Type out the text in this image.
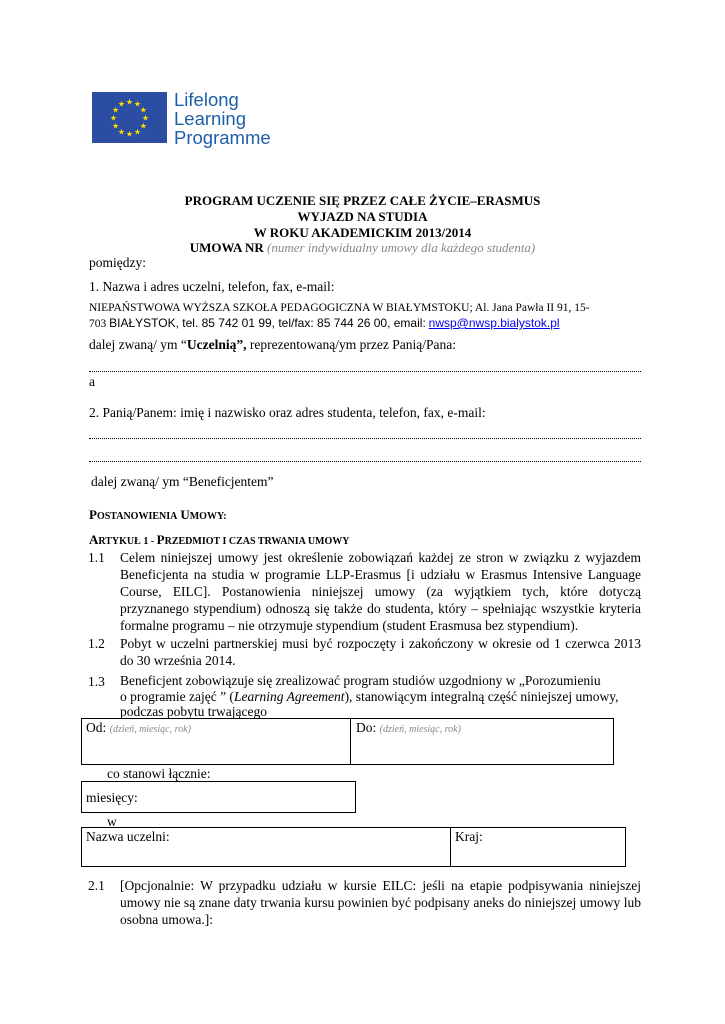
★ ★
★
★
★
★
★
★
★
★
★
★	Lifelong
Learning
Programme
PROGRAM UCZENIE SIĘ PRZEZ CAŁE ŻYCIE–ERASMUS
WYJAZD NA STUDIA
W ROKU AKADEMICKIM 2013/2014
UMOWA NR (numer indywidualny umowy dla każdego studenta)
pomiędzy:
1. Nazwa i adres uczelni, telefon, fax, e-mail:
NIEPAŃSTWOWA WYŻSZA SZKOŁA PEDAGOGICZNA W BIAŁYMSTOKU; Al. Jana Pawła II 91, 15-
703 BIAŁYSTOK, tel. 85 742 01 99, tel/fax: 85 744 26 00, email: nwsp@nwsp.bialystok.pl
dalej zwaną/ ym “Uczelnią”, reprezentowaną/ym przez Panią/Pana:
a
2. Panią/Panem: imię i nazwisko oraz adres studenta, telefon, fax, e-mail:
dalej zwaną/ ym “Beneficjentem”
POSTANOWIENIA UMOWY:
ARTYKUŁ 1 - PRZEDMIOT I CZAS TRWANIA UMOWY
1.1 Celem niniejszej umowy jest określenie zobowiązań każdej ze stron w związku z wyjazdem Beneficjenta na studia w programie LLP-Erasmus [i udziału w Erasmus Intensive Language Course, EILC]. Postanowienia niniejszej umowy (za wyjątkiem tych, które dotyczą przyznanego stypendium) odnoszą się także do studenta, który – spełniając wszystkie kryteria formalne programu – nie otrzymuje stypendium (student Erasmusa bez stypendium).
1.2 Pobyt w uczelni partnerskiej musi być rozpoczęty i zakończony w okresie od 1 czerwca 2013 do 30 września 2014.
1.3 Beneficjent zobowiązuje się zrealizować program studiów uzgodniony w „Porozumieniu
o programie zajęć ” (Learning Agreement), stanowiącym integralną część niniejszej umowy,
podczas pobytu trwającego
Od: (dzień, miesiąc, rok)	Do: (dzień, miesiąc, rok)
co stanowi łącznie:
miesięcy:
w
Nazwa uczelni:	Kraj:
2.1 [Opcjonalnie: W przypadku udziału w kursie EILC: jeśli na etapie podpisywania niniejszej umowy nie są znane daty trwania kursu powinien być podpisany aneks do niniejszej umowy lub osobna umowa.]:
